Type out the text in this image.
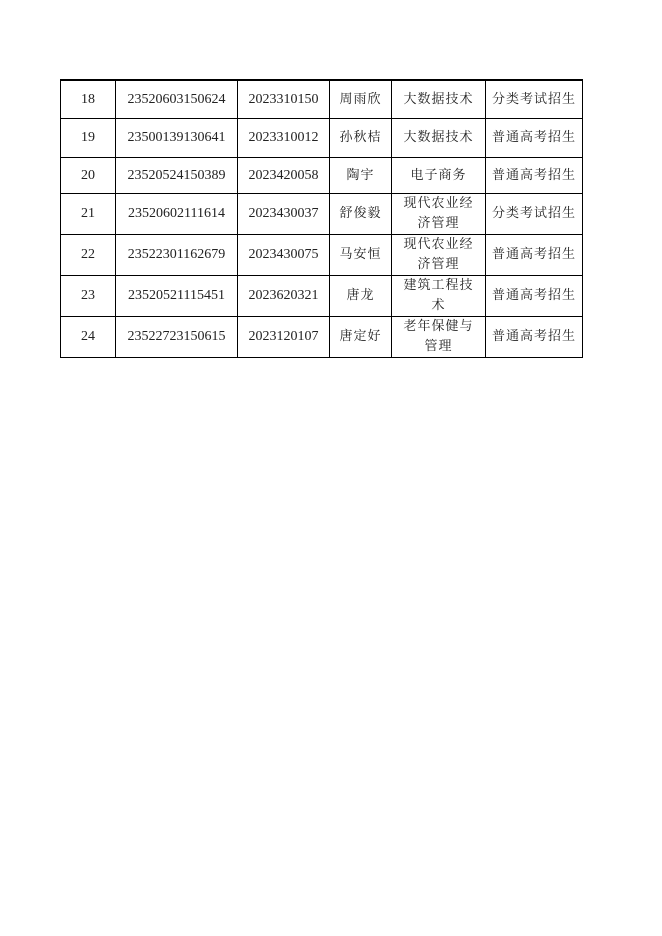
18	23520603150624	2023310150	周雨欣	大数据技术	分类考试招生

19	23500139130641	2023310012	孙秋桔	大数据技术	普通高考招生

20	23520524150389	2023420058	陶宇	电子商务	普通高考招生

21	23520602111614	2023430037	舒俊毅	现代农业经济管理	分类考试招生

22	23522301162679	2023430075	马安恒	现代农业经济管理	普通高考招生

23	23520521115451	2023620321	唐龙	建筑工程技术	普通高考招生

24	23522723150615	2023120107	唐定好	老年保健与管理	普通高考招生
